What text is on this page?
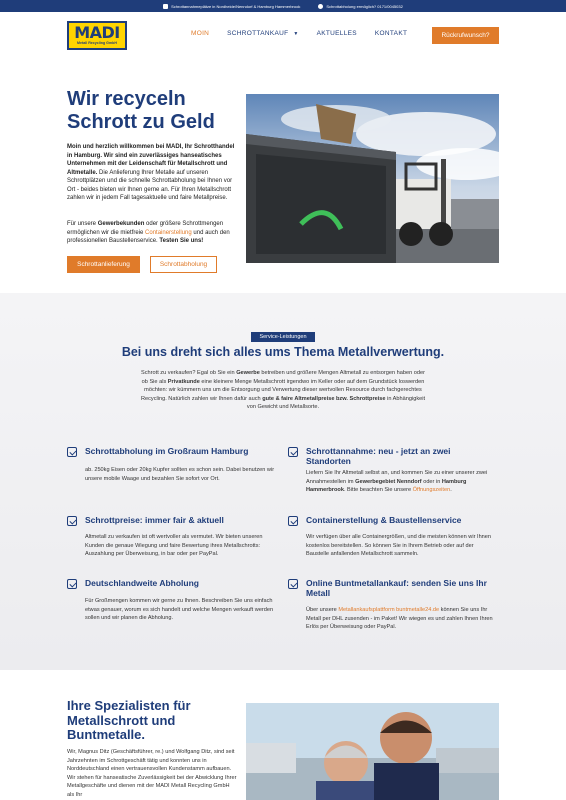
Schrottannahmeplätze in Nordheide/Nenndorf & Hamburg Hammerbrook	Schrottabholung ermöglich? 0171/0045032
MADI
Metall Recycling GmbH
MOIN	SCHROTTANKAUF ▼	AKTUELLES	KONTAKT	Rückrufwunsch?
Wir recyceln Schrott zu Geld

Moin und herzlich willkommen bei MADI, Ihr Schrotthandel in Hamburg. Wir sind ein zuverlässiges hanseatisches Unternehmen mit der Leidenschaft für Metallschrott und Altmetalle. Die Anlieferung Ihrer Metalle auf unseren Schrottplätzen und die schnelle Schrottabholung bei Ihnen vor Ort - beides bieten wir Ihnen gerne an. Für Ihren Metallschrott zahlen wir in jedem Fall tagesaktuelle und faire Metallpreise.

Für unsere Gewerbekunden oder größere Schrottmengen ermöglichen wir die mietfreie Containerstellung und auch den professionellen Baustellenservice. Testen Sie uns!

Schrottanlieferung	Schrottabholung
Service-Leistungen
Bei uns dreht sich alles ums Thema Metallverwertung.

Schrott zu verkaufen? Egal ob Sie ein Gewerbe betreiben und größere Mengen Altmetall zu entsorgen haben oder ob Sie als Privatkunde eine kleinere Menge Metallschrott irgendwo im Keller oder auf dem Grundstück loswerden möchten: wir kümmern uns um die Entsorgung und Verwertung dieser wertvollen Resource durch fachgerechtes Recycling. Natürlich zahlen wir Ihnen dafür auch gute & faire Altmetallpreise bzw. Schrottpreise in Abhängigkeit von Gewicht und Metallsorte.

Schrottabholung im Großraum Hamburg

ab. 250kg Eisen oder 20kg Kupfer sollten es schon sein. Dabei benutzen wir unsere mobile Waage und bezahlen Sie sofort vor Ort.

Schrottannahme: neu - jetzt an zwei Standorten

Liefern Sie Ihr Altmetall selbst an, und kommen Sie zu einer unserer zwei Annahmestellen im Gewerbegebiet Nenndorf oder in Hamburg Hammerbrook. Bitte beachten Sie unsere Öffnungszeiten.

Schrottpreise: immer fair & aktuell

Altmetall zu verkaufen ist oft wertvoller als vermutet. Wir bieten unseren Kunden die genaue Wiegung und faire Bewertung ihres Metallschrotts: Auszahlung per Überweisung, in bar oder per PayPal.

Containerstellung & Baustellenservice

Wir verfügen über alle Containergrößen, und die meisten können wir Ihnen kostenlos bereitstellen. So können Sie in Ihrem Betrieb oder auf der Baustelle anfallenden Metallschrott sammeln.

Deutschlandweite Abholung

Für Großmengen kommen wir gerne zu Ihnen. Beschreiben Sie uns einfach etwas genauer, worum es sich handelt und welche Mengen verkauft werden sollen und wir planen die Abholung.

Online Buntmetallankauf: senden Sie uns Ihr Metall

Über unsere Metallankaufsplattform buntmetalle24.de können Sie uns Ihr Metall per DHL zusenden - im Paket! Wir wiegen es und zahlen Ihnen Ihren Erlös per Überweisung oder PayPal.

Ihre Spezialisten für Metallschrott und Buntmetalle.

Wir, Magnus Ditz (Geschäftsführer, re.) und Wolfgang Ditz, sind seit Jahrzehnten im Schrottgeschäft tätig und konnten uns in Norddeutschland einen vertrauensvollen Kundenstamm aufbauen. Wir stehen für hanseatische Zuverlässigkeit bei der Abwicklung Ihrer Metallgeschäfte und dienen mit der MADI Metall Recycling GmbH als Ihr
